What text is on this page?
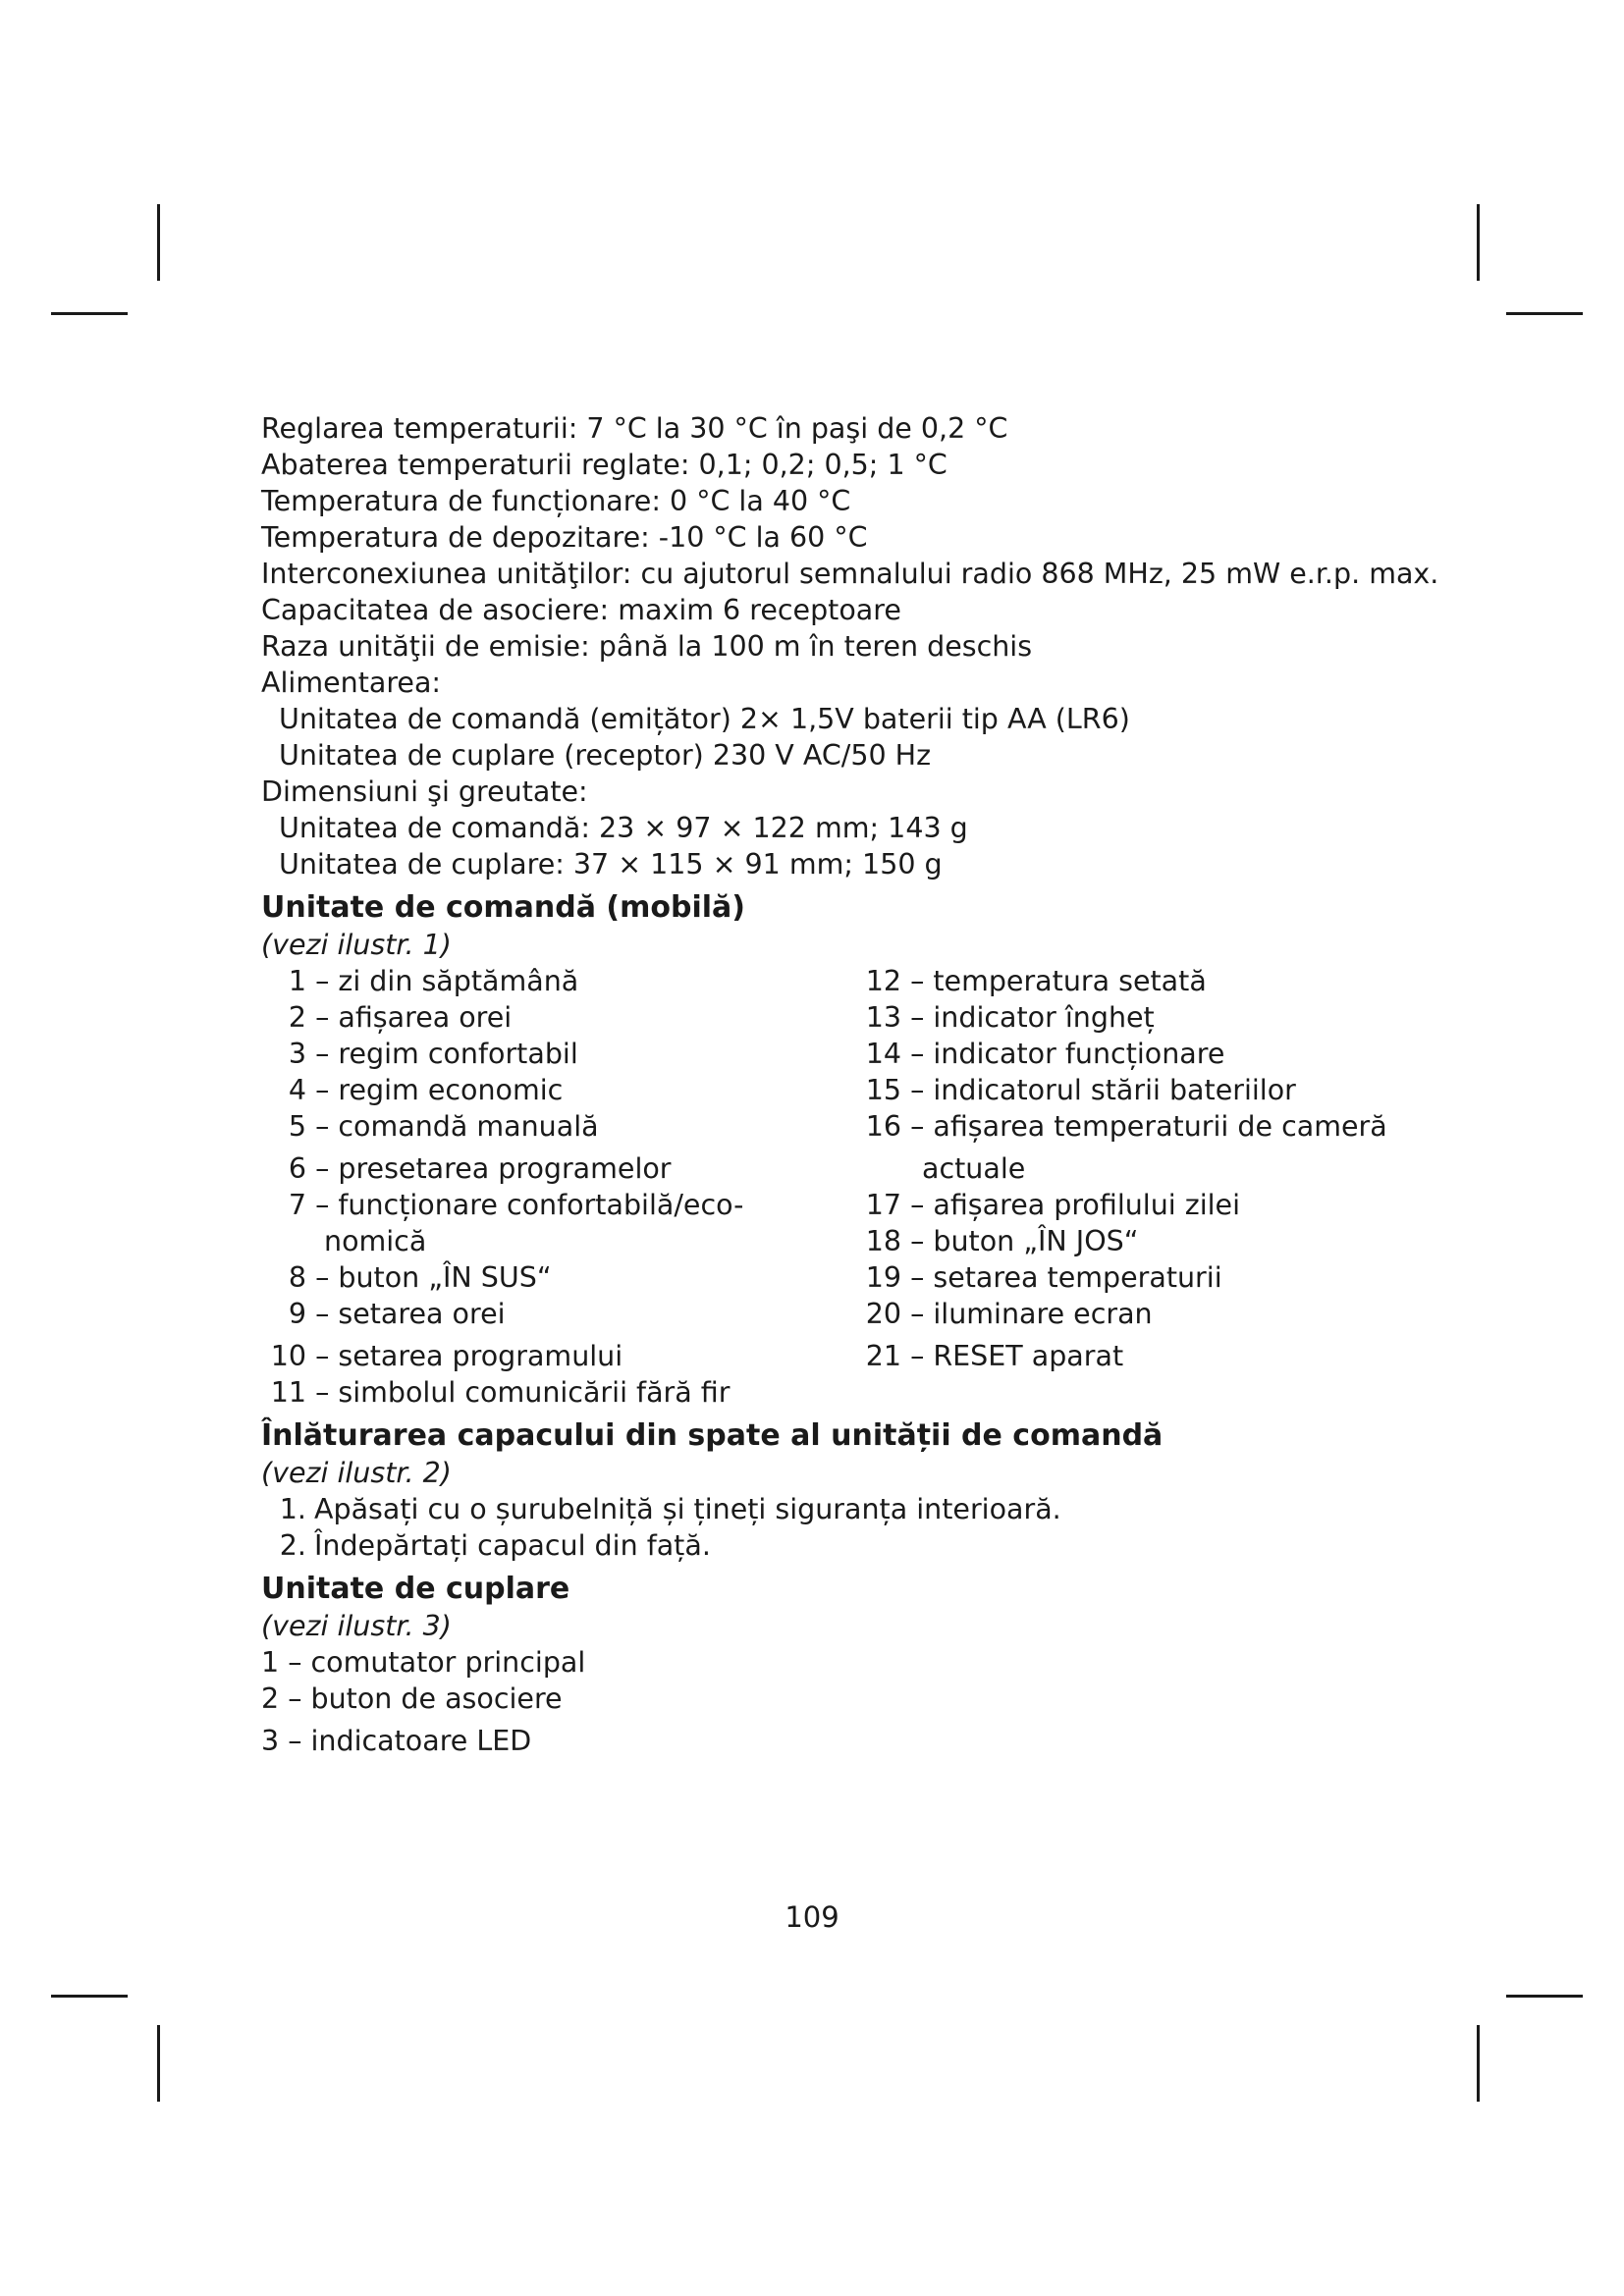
Reglarea temperaturii: 7 °C la 30 °C în paşi de 0,2 °C
Abaterea temperaturii reglate: 0,1; 0,2; 0,5; 1 °C
Temperatura de funcționare: 0 °C la 40 °C
Temperatura de depozitare: -10 °C la 60 °C
Interconexiunea unităţilor: cu ajutorul semnalului radio 868 MHz, 25 mW e.r.p. max.
Capacitatea de asociere: maxim 6 receptoare
Raza unităţii de emisie: până la 100 m în teren deschis
Alimentarea:
Unitatea de comandă (emițător) 2× 1,5V baterii tip AA (LR6)
Unitatea de cuplare (receptor) 230 V AC/50 Hz
Dimensiuni şi greutate:
Unitatea de comandă: 23 × 97 × 122 mm; 143 g
Unitatea de cuplare: 37 × 115 × 91 mm; 150 g
Unitate de comandă (mobilă)
(vezi ilustr. 1)
1 – zi din săptămână
2 – afișarea orei
3 – regim confortabil
4 – regim economic
5 – comandă manuală
6 – presetarea programelor
7 – funcționare confortabilă/eco-
nomică
8 – buton „ÎN SUS“
9 – setarea orei
10 – setarea programului
11 – simbolul comunicării fără fir
12 – temperatura setată
13 – indicator îngheț
14 – indicator funcționare
15 – indicatorul stării bateriilor
16 – afișarea temperaturii de cameră
actuale
17 – afișarea profilului zilei
18 – buton „ÎN JOS“
19 – setarea temperaturii
20 – iluminare ecran
21 – RESET aparat
Înlăturarea capacului din spate al unității de comandă
(vezi ilustr. 2)
1. Apăsați cu o șurubelniță și țineți siguranța interioară.
2. Îndepărtați capacul din față.
Unitate de cuplare
(vezi ilustr. 3)
1 – comutator principal
2 – buton de asociere
3 – indicatoare LED
109
